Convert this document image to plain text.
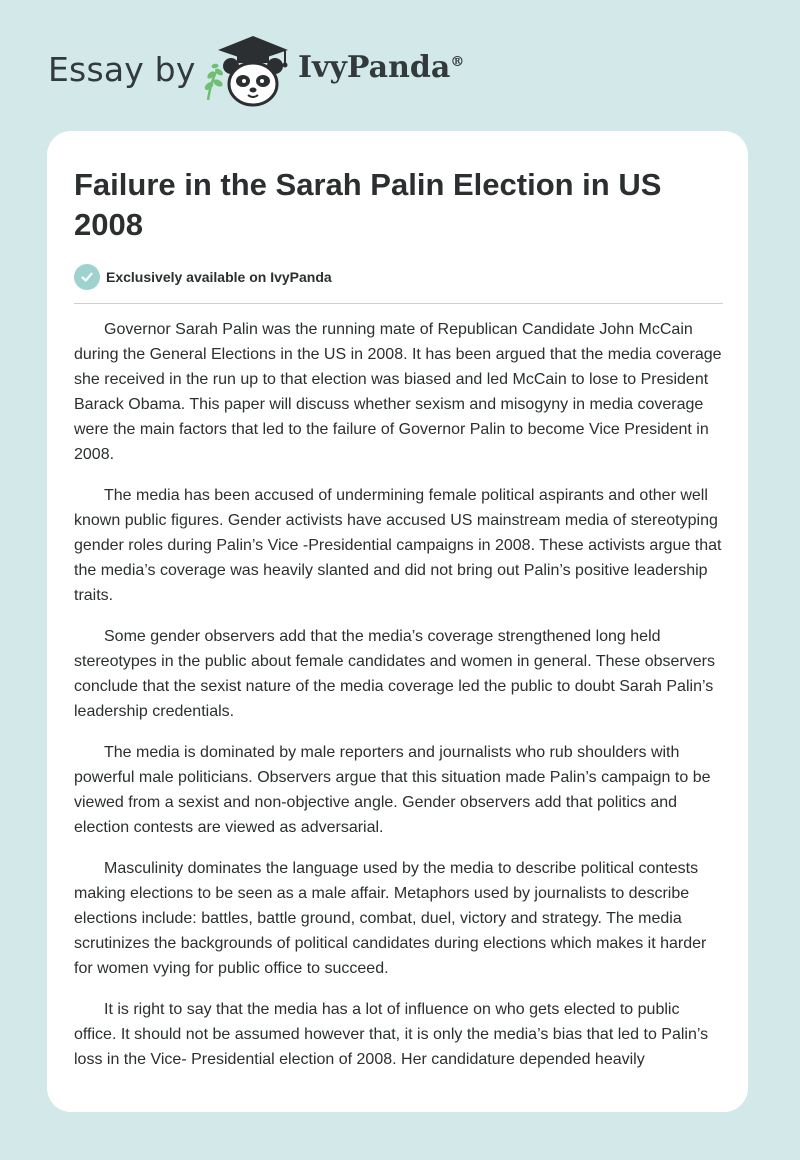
Essay by	IvyPanda®
Failure in the Sarah Palin Election in US 2008
Exclusively available on IvyPanda

Governor Sarah Palin was the running mate of Republican Candidate John McCain during the General Elections in the US in 2008. It has been argued that the media coverage she received in the run up to that election was biased and led McCain to lose to President Barack Obama. This paper will discuss whether sexism and misogyny in media coverage were the main factors that led to the failure of Governor Palin to become Vice President in 2008.

The media has been accused of undermining female political aspirants and other well known public figures. Gender activists have accused US mainstream media of stereotyping gender roles during Palin’s Vice -Presidential campaigns in 2008. These activists argue that the media’s coverage was heavily slanted and did not bring out Palin’s positive leadership traits.

Some gender observers add that the media’s coverage strengthened long held stereotypes in the public about female candidates and women in general. These observers conclude that the sexist nature of the media coverage led the public to doubt Sarah Palin’s leadership credentials.

The media is dominated by male reporters and journalists who rub shoulders with powerful male politicians. Observers argue that this situation made Palin’s campaign to be viewed from a sexist and non-objective angle. Gender observers add that politics and election contests are viewed as adversarial.

Masculinity dominates the language used by the media to describe political contests making elections to be seen as a male affair. Metaphors used by journalists to describe elections include: battles, battle ground, combat, duel, victory and strategy. The media scrutinizes the backgrounds of political candidates during elections which makes it harder for women vying for public office to succeed.

It is right to say that the media has a lot of influence on who gets elected to public office. It should not be assumed however that, it is only the media’s bias that led to Palin’s loss in the Vice- Presidential election of 2008. Her candidature depended heavily
